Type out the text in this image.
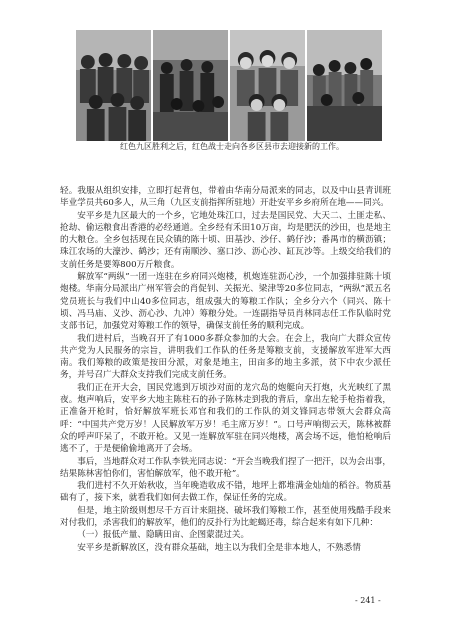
红色九区胜利之后，红色战士走向各乡区县市去迎接新的工作。

轻。我服从组织安排，立即打起背包，带着由华南分局派来的同志，以及中山县青训班毕业学员共60多人，从三角（九区支前指挥所驻地）开赴安平乡乡府所在地——同兴。

安平乡是九区最大的一个乡，它地处珠江口，过去是国民党、大天二、土匪走私、抢劫、偷运粮食出香港的必经通道。全乡经有禾田10万亩，均是肥沃的沙田，也是地主的大粮仓。全乡包括现在民众镇的陈十顷、田基沙、沙仔、鹤仔沙；番禺市的横沥镇；珠江农场的大濠沙、鹤沙；还有南顺沙、塞口沙、沥心沙、缸瓦沙等。上级交给我们的支前任务是要筹800万斤粮食。

解放军“两纵”一团一连驻在乡府同兴炮楼，机炮连驻沥心沙，一个加强排驻陈十顷炮楼。华南分局派出广州军管会的肖促钊、关振光、梁津等20多位同志，“两纵”派五名党员班长与我们中山40多位同志，组成强大的筹粮工作队；全乡分六个（同兴、陈十顷、冯马庙、义沙、沥心沙、九冲）筹粮分处。一连副指导员肖林同志任工作队临时党支部书记，加强党对筹粮工作的领导，确保支前任务的顺利完成。

我们进村后，当晚召开了有1000多群众参加的大会。在会上，我向广大群众宣传共产党为人民服务的宗旨，讲明我们工作队的任务是筹粮支前，支援解放军进军大西南。我们筹粮的政策是按田分派，对象是地主，田亩多的地主多派，贫下中农少派任务，并号召广大群众支持我们完成支前任务。

我们正在开大会，国民党逃到万顷沙对面的龙穴岛的炮艇向天打炮，火光映红了黑夜。炮声响后，安平乡大地主陈柱石的孙子陈林走到我的背后，拿出左轮手枪指着我，正准备开枪时，恰好解放军班长邓官和我们的工作队的刘文锋同志带领大会群众高呼：“中国共产党万岁！人民解放军万岁！毛主席万岁！”。口号声响彻云天，陈林被群众的呼声吓呆了，不敢开枪。又见一连解放军驻在同兴炮楼，离会场不远，他怕枪响后逃不了，于是便偷偷地离开了会场。

事后，当地群众对工作队李铁光同志说：“开会当晚我们捏了一把汗，以为会出事，结果陈林害怕你们，害怕解放军，他不敢开枪”。

我们进村不久开始秋收，当年晚造收成不错，地坪上都堆满金灿灿的稻谷。物质基础有了，接下来，就看我们如何去做工作，保证任务的完成。

但是，地主阶级则想尽千方百计来阻挠、破坏我们筹粮工作，甚至使用残酷手段来对付我们，杀害我们的解放军，他们的反扑行为比蛇蝎还毒，综合起来有如下几种：

（一）报低产量、隐瞒田亩、企图蒙混过关。

安平乡是新解放区，没有群众基础，地主以为我们全是非本地人，不熟悉情

- 241 -
